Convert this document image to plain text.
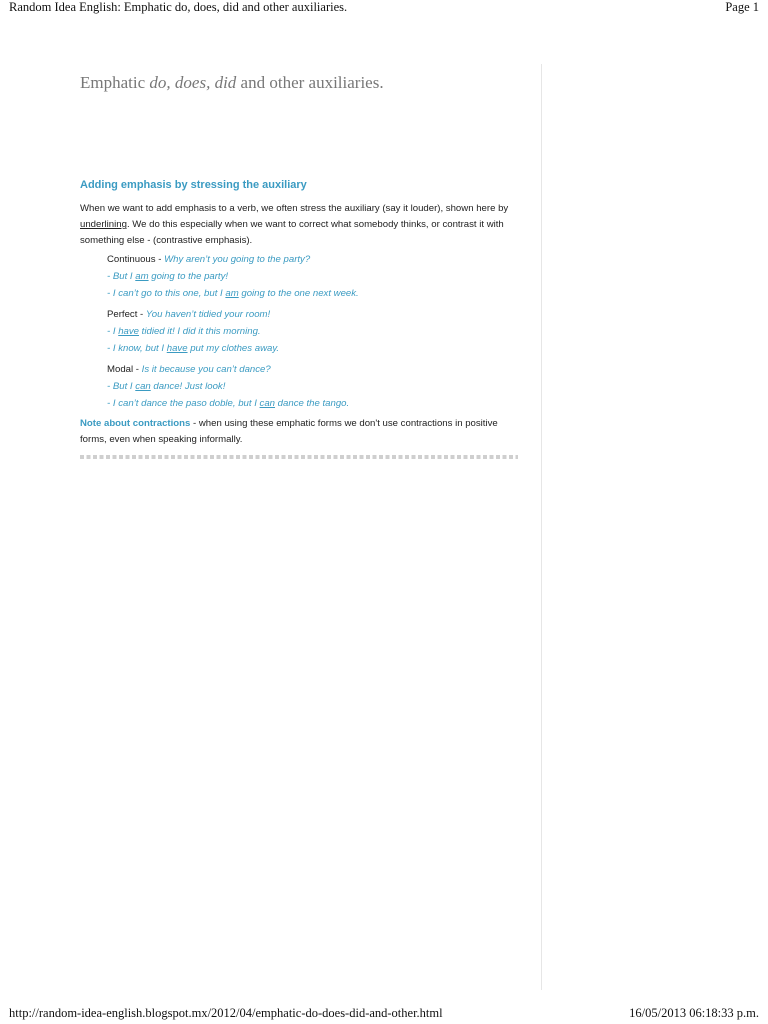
Random Idea English: Emphatic do, does, did and other auxiliaries.	Page 1
Emphatic do, does, did and other auxiliaries.
Adding emphasis by stressing the auxiliary

When we want to add emphasis to a verb, we often stress the auxiliary (say it louder), shown here by underlining. We do this especially when we want to correct what somebody thinks, or contrast it with something else - (contrastive emphasis).

Continuous - Why aren’t you going to the party?
- But I am going to the party!
- I can’t go to this one, but I am going to the one next week.
Perfect - You haven’t tidied your room!
- I have tidied it! I did it this morning.
- I know, but I have put my clothes away.
Modal - Is it because you can’t dance?
- But I can dance! Just look!
- I can’t dance the paso doble, but I can dance the tango.

Note about contractions - when using these emphatic forms we don't use contractions in positive forms, even when speaking informally.

http://random-idea-english.blogspot.mx/2012/04/emphatic-do-does-did-and-other.html	16/05/2013 06:18:33 p.m.
